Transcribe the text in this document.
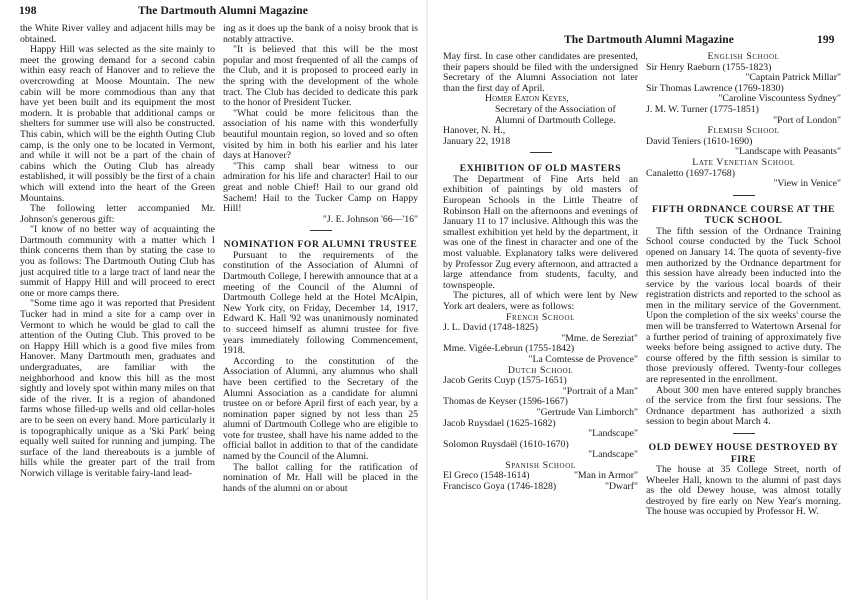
198	The Dartmouth Alumni Magazine

the White River valley and adjacent hills may be obtained.

Happy Hill was selected as the site mainly to meet the growing demand for a second cabin within easy reach of Hanover and to relieve the overcrowding at Moose Mountain. The new cabin will be more commodious than any that have yet been built and its equipment the most modern. It is probable that additional camps or shelters for summer use will also be constructed. This cabin, which will be the eighth Outing Club camp, is the only one to be located in Vermont, and while it will not be a part of the chain of cabins which the Outing Club has already established, it will possibly be the first of a chain which will extend into the heart of the Green Mountains.

The following letter accompanied Mr. Johnson's generous gift:

"I know of no better way of acquainting the Dartmouth community with a matter which I think concerns them than by stating the case to you as follows: The Dartmouth Outing Club has just acquired title to a large tract of land near the summit of Happy Hill and will proceed to erect one or more camps there.

"Some time ago it was reported that President Tucker had in mind a site for a camp over in Vermont to which he would be glad to call the attention of the Outing Club. This proved to be on Happy Hill which is a good five miles from Hanover. Many Dartmouth men, graduates and undergraduates, are familiar with the neighborhood and know this hill as the most sightly and lovely spot within many miles on that side of the river. It is a region of abandoned farms whose filled-up wells and old cellar-holes are to be seen on every hand. More particularly it is topographically unique as a 'Ski Park' being equally well suited for running and jumping. The surface of the land thereabouts is a jumble of hills while the greater part of the trail from Norwich village is veritable fairy-land lead-

ing as it does up the bank of a noisy brook that is notably attractive.

"It is believed that this will be the most popular and most frequented of all the camps of the Club, and it is proposed to proceed early in the spring with the development of the whole tract. The Club has decided to dedicate this park to the honor of President Tucker.

"What could be more felicitous than the association of his name with this wonderfully beautiful mountain region, so loved and so often visited by him in both his earlier and his later days at Hanover?

"This camp shall bear witness to our admiration for his life and character! Hail to our great and noble Chief! Hail to our grand old Sachem! Hail to the Tucker Camp on Happy Hill!

"J. E. Johnson '66—'16"

NOMINATION FOR ALUMNI TRUSTEE

Pursuant to the requirements of the constitution of the Association of Alumni of Dartmouth College, I herewith announce that at a meeting of the Council of the Alumni of Dartmouth College held at the Hotel McAlpin, New York city, on Friday, December 14, 1917, Edward K. Hall '92 was unanimously nominated to succeed himself as alumni trustee for five years immediately following Commencement, 1918.

According to the constitution of the Association of Alumni, any alumnus who shall have been certified to the Secretary of the Alumni Association as a candidate for alumni trustee on or before April first of each year, by a nomination paper signed by not less than 25 alumni of Dartmouth College who are eligible to vote for trustee, shall have his name added to the official ballot in addition to that of the candidate named by the Council of the Alumni.

The ballot calling for the ratification of nomination of Mr. Hall will be placed in the hands of the alumni on or about

The Dartmouth Alumni Magazine	199

May first. In case other candidates are presented, their papers should be filed with the undersigned Secretary of the Alumni Association not later than the first day of April.

Homer Eaton Keyes,

Secretary of the Association of Alumni of Dartmouth College.

Hanover, N. H.,

January 22, 1918

EXHIBITION OF OLD MASTERS

The Department of Fine Arts held an exhibition of paintings by old masters of European Schools in the Little Theatre of Robinson Hall on the afternoons and evenings of January 11 to 17 inclusive. Although this was the smallest exhibition yet held by the department, it was one of the finest in character and one of the most valuable. Explanatory talks were delivered by Professor Zug every afternoon, and attracted a large attendance from students, faculty, and townspeople.

The pictures, all of which were lent by New York art dealers, were as follows:

French School

J. L. David (1748-1825)

"Mme. de Sereziat"

Mme. Vigée-Lebrun (1755-1842)

"La Comtesse de Provence"

Dutch School

Jacob Gerits Cuyp (1575-1651)

"Portrait of a Man"

Thomas de Keyser (1596-1667)

"Gertrude Van Limborch"

Jacob Ruysdael (1625-1682)

"Landscape"

Solomon Ruysdaël (1610-1670)

"Landscape"

Spanish School

El Greco (1548-1614)	"Man in Armor"

Francisco Goya (1746-1828)	"Dwarf"

English School

Sir Henry Raeburn (1755-1823)

"Captain Patrick Millar"

Sir Thomas Lawrence (1769-1830)

"Caroline Viscountess Sydney"

J. M. W. Turner (1775-1851)

"Port of London"

Flemish School

David Teniers (1610-1690)

"Landscape with Peasants"

Late Venetian School

Canaletto (1697-1768)

"View in Venice"

FIFTH ORDNANCE COURSE AT THE TUCK SCHOOL

The fifth session of the Ordnance Training School course conducted by the Tuck School opened on January 14. The quota of seventy-five men authorized by the Ordnance department for this session have already been inducted into the service by the various local boards of their registration districts and reported to the school as men in the military service of the Government. Upon the completion of the six weeks' course the men will be transferred to Watertown Arsenal for a further period of training of approximately five weeks before being assigned to active duty. The course offered by the fifth session is similar to those previously offered. Twenty-four colleges are represented in the enrollment.

About 300 men have entered supply branches of the service from the first four sessions. The Ordnance department has authorized a sixth session to begin about March 4.

OLD DEWEY HOUSE DESTROYED BY FIRE

The house at 35 College Street, north of Wheeler Hall, known to the alumni of past days as the old Dewey house, was almost totally destroyed by fire early on New Year's morning. The house was occupied by Professor H. W.
